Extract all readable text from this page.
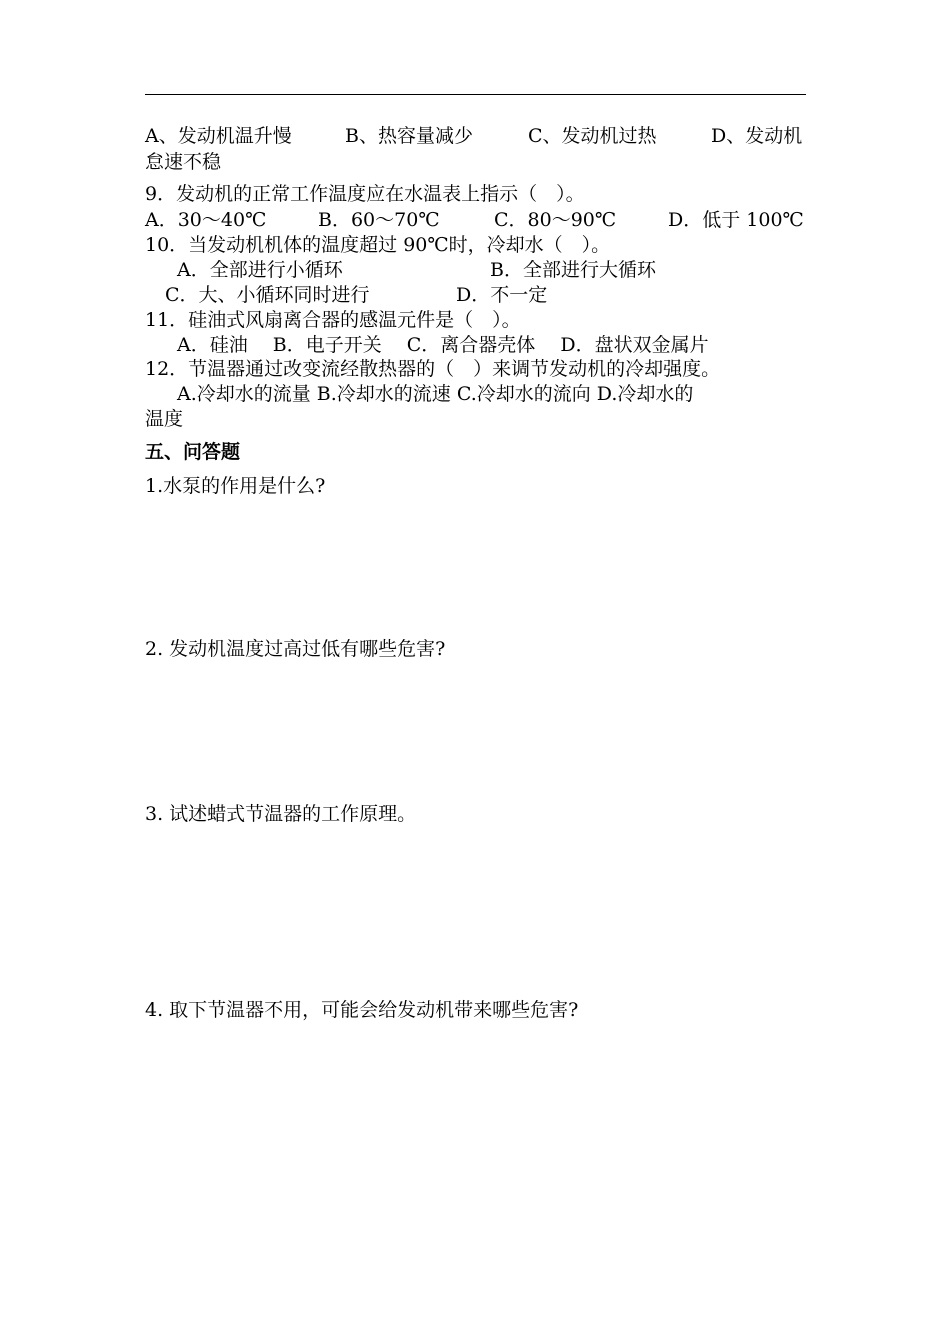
A、发动机温升慢	B、热容量减少	C、发动机过热	D、发动机
怠速不稳
9．发动机的正常工作温度应在水温表上指示（　）。
A．30～40℃	B．60～70℃	C．80～90℃	D．低于 100℃
10．当发动机机体的温度超过 90℃时，冷却水（　）。
A．全部进行小循环	B．全部进行大循环
C．大、小循环同时进行	D．不一定
11．硅油式风扇离合器的感温元件是（　）。
A．硅油　 B．电子开关　 C．离合器壳体　 D．盘状双金属片
12．节温器通过改变流经散热器的（　）来调节发动机的冷却强度。
A.冷却水的流量 B.冷却水的流速 C.冷却水的流向 D.冷却水的
温度
五、问答题
1.水泵的作用是什么?
2. 发动机温度过高过低有哪些危害?
3. 试述蜡式节温器的工作原理。
4. 取下节温器不用，可能会给发动机带来哪些危害?
